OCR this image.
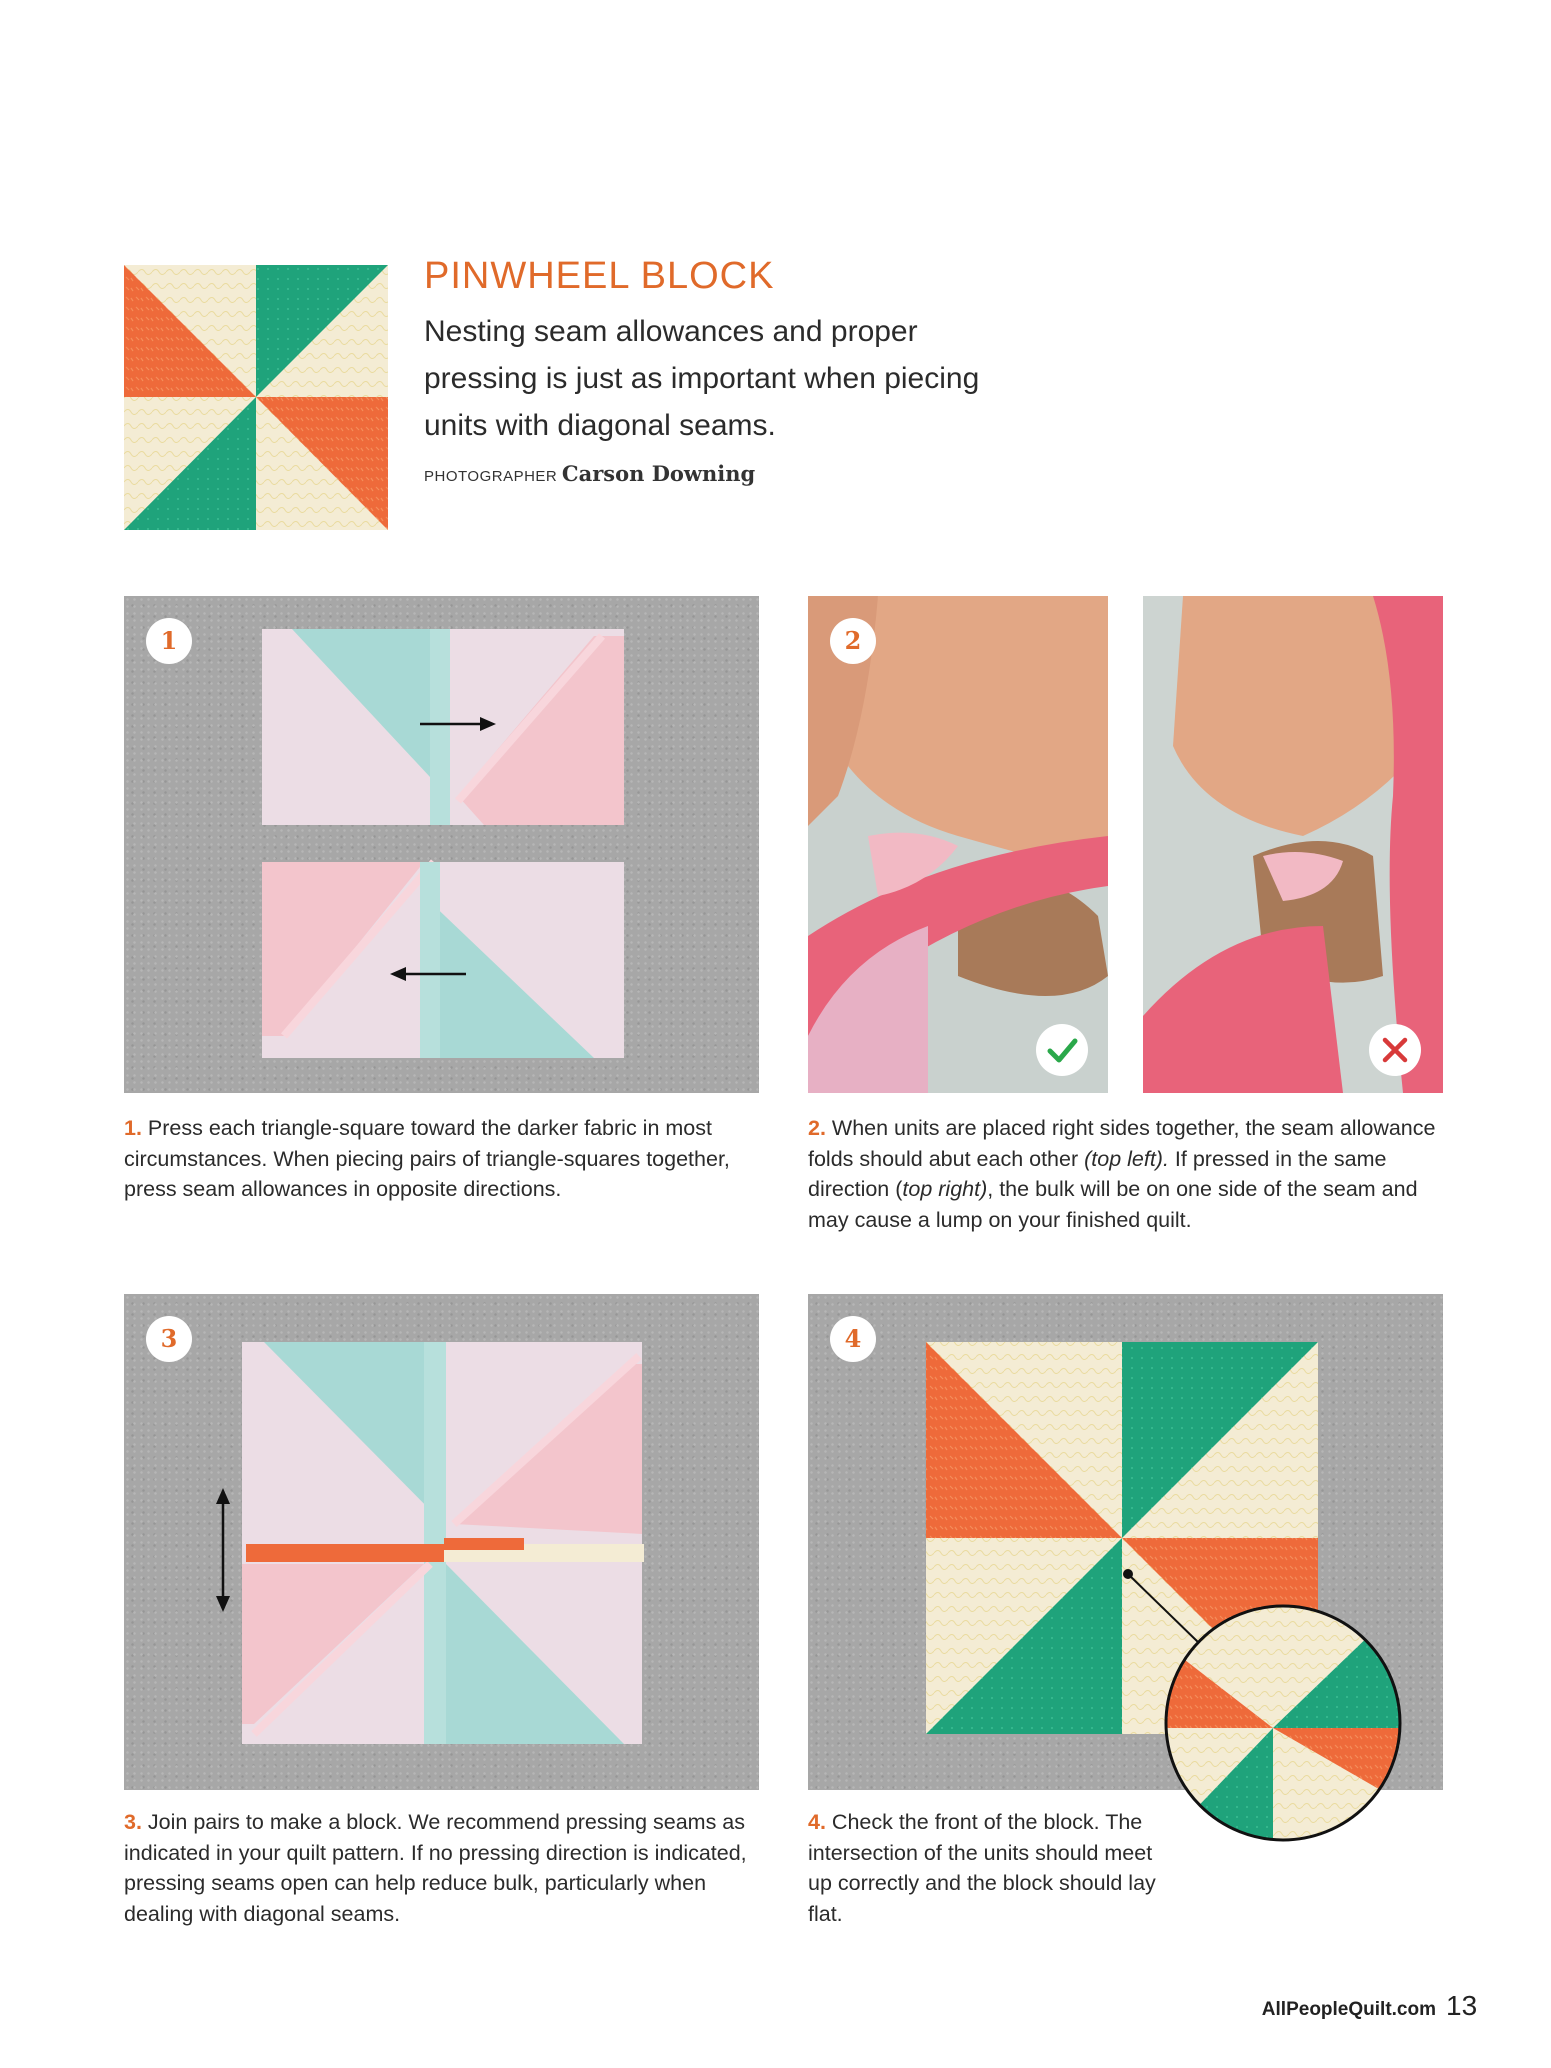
PINWHEEL BLOCK
Nesting seam allowances and proper pressing is just as important when piecing units with diagonal seams.
PHOTOGRAPHER Carson Downing
1	2
1. Press each triangle-square toward the darker fabric in most circumstances. When piecing pairs of triangle-squares together, press seam allowances in opposite directions.
2. When units are placed right sides together, the seam allowance folds should abut each other (top left). If pressed in the same direction (top right), the bulk will be on one side of the seam and may cause a lump on your finished quilt.
3	4
3. Join pairs to make a block. We recommend pressing seams as indicated in your quilt pattern. If no pressing direction is indicated, pressing seams open can help reduce bulk, particularly when dealing with diagonal seams.
4. Check the front of the block. The intersection of the units should meet up correctly and the block should lay flat.
AllPeopleQuilt.com 13
